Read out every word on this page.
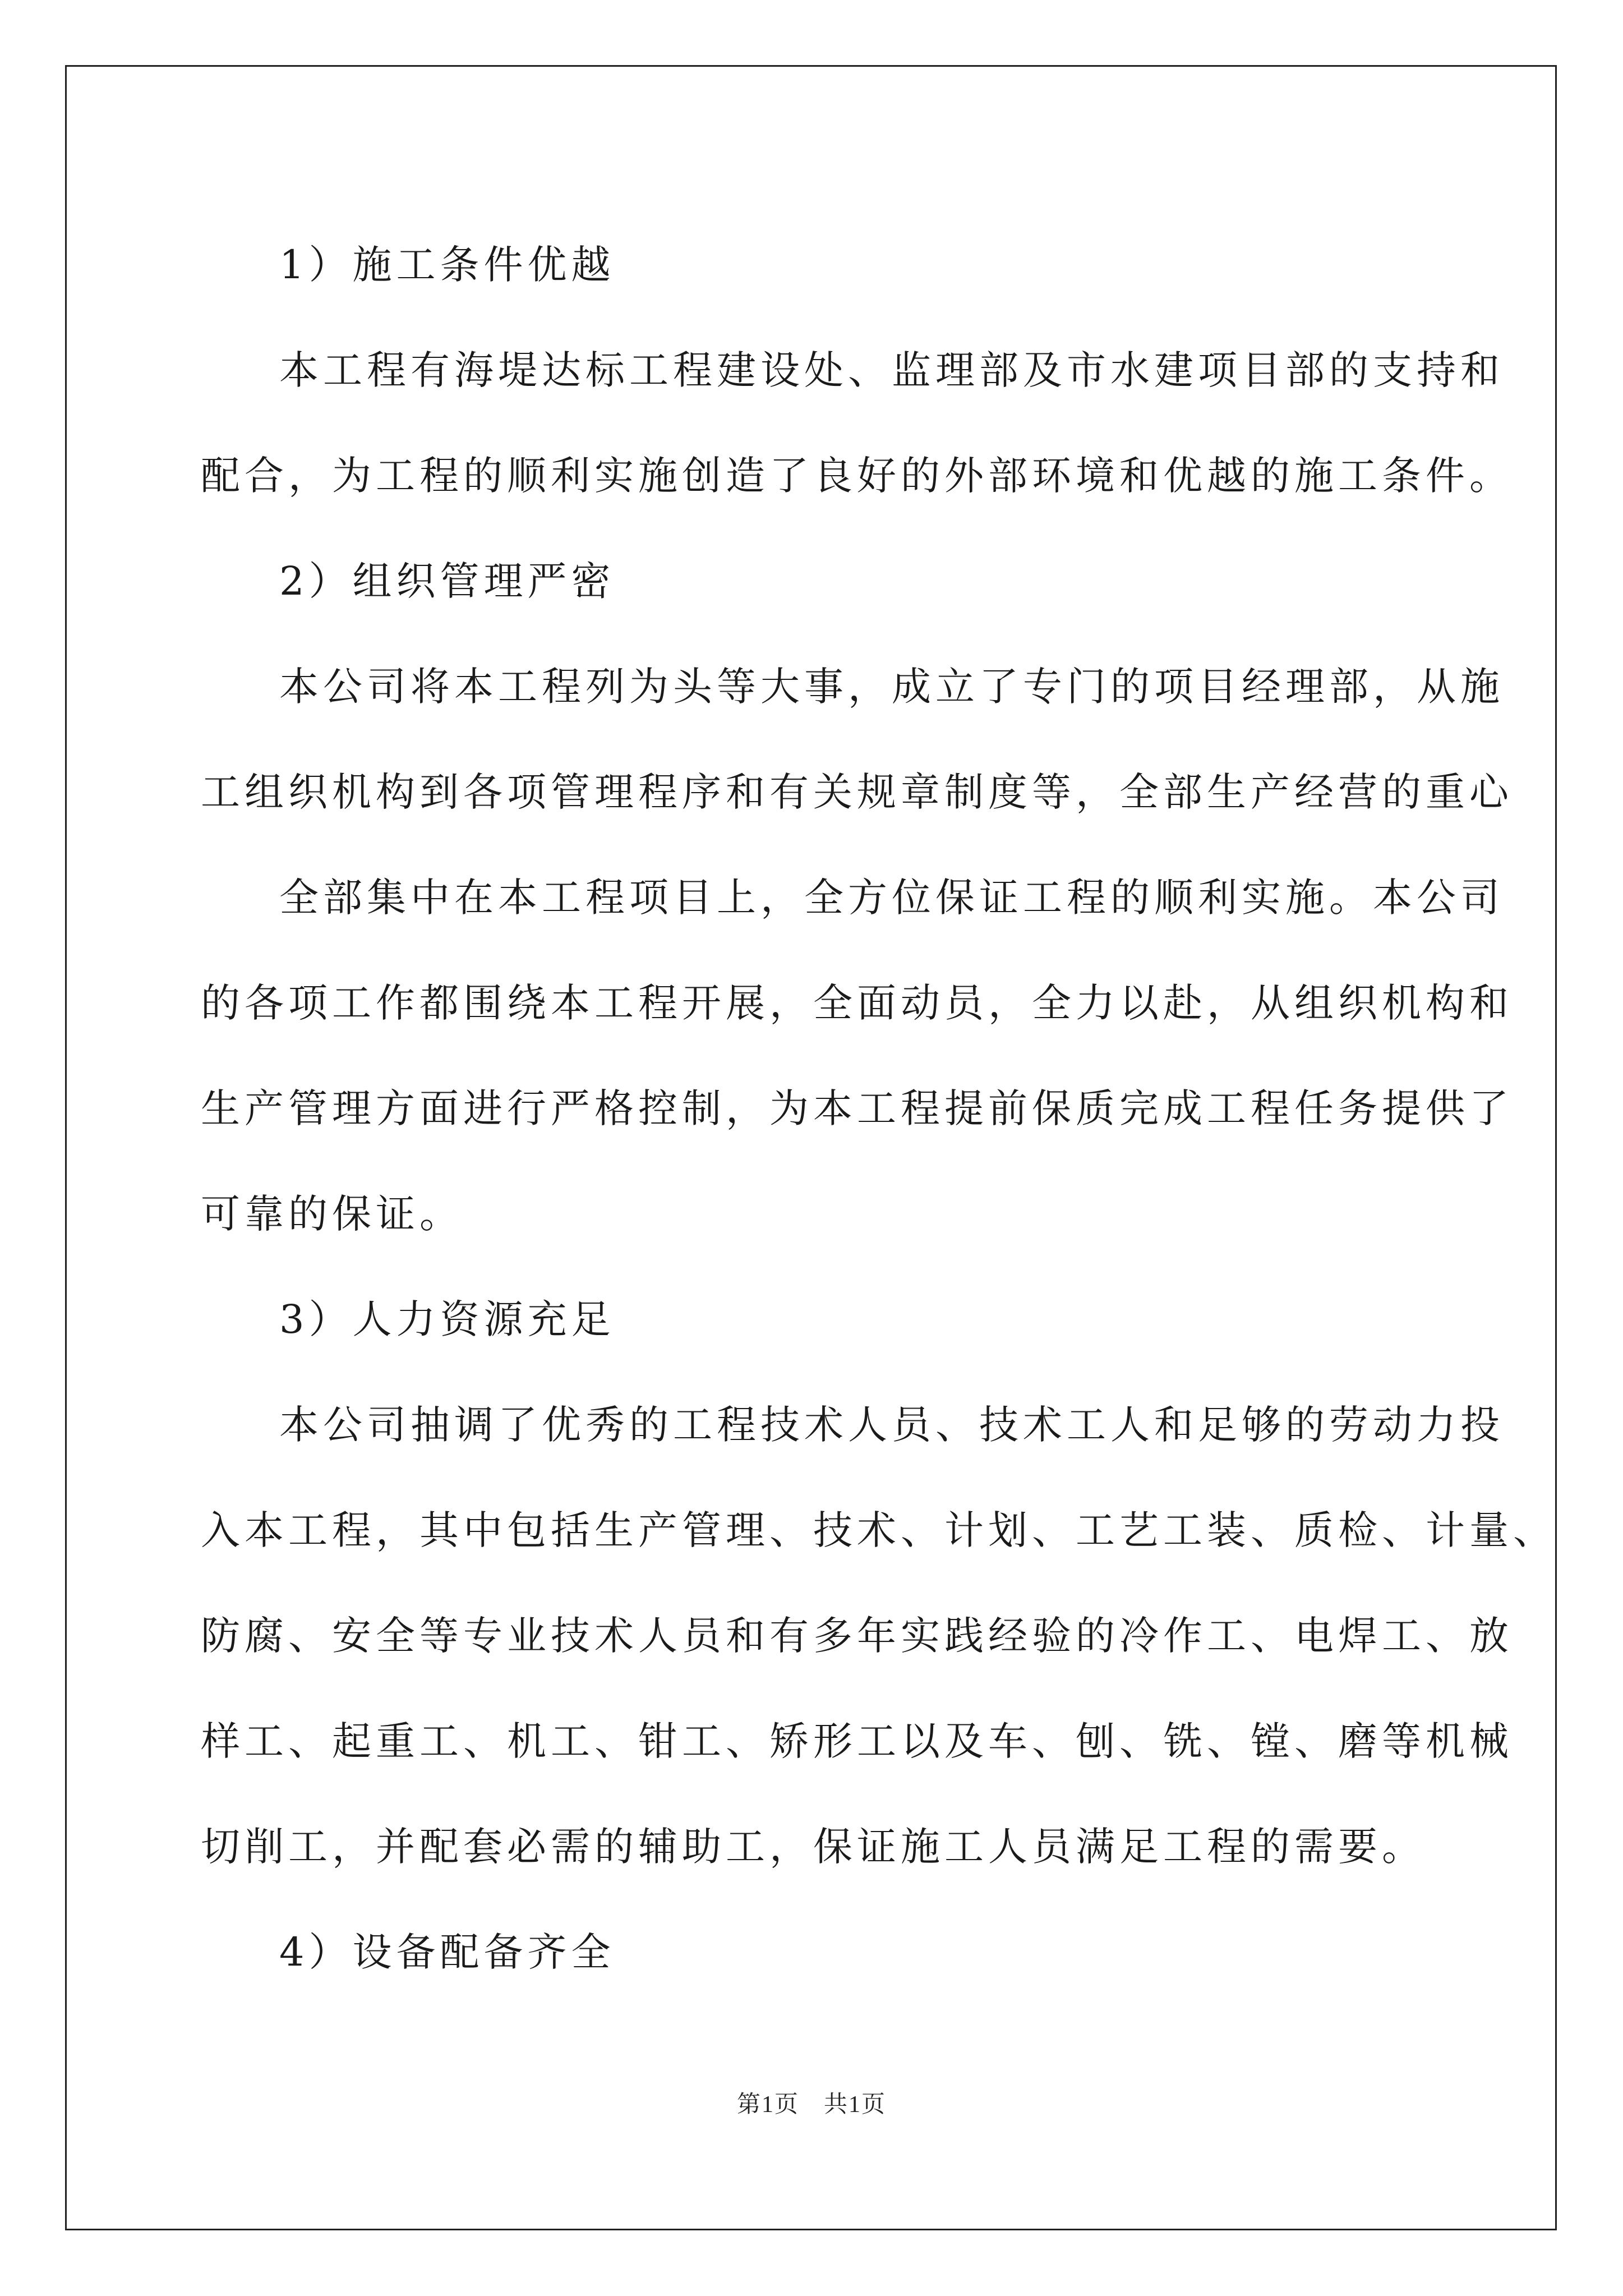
1）施工条件优越

本工程有海堤达标工程建设处、监理部及市水建项目部的支持和

配合，为工程的顺利实施创造了良好的外部环境和优越的施工条件。

2）组织管理严密

本公司将本工程列为头等大事，成立了专门的项目经理部，从施

工组织机构到各项管理程序和有关规章制度等，全部生产经营的重心

全部集中在本工程项目上，全方位保证工程的顺利实施。本公司

的各项工作都围绕本工程开展，全面动员，全力以赴，从组织机构和

生产管理方面进行严格控制，为本工程提前保质完成工程任务提供了

可靠的保证。

3）人力资源充足

本公司抽调了优秀的工程技术人员、技术工人和足够的劳动力投

入本工程，其中包括生产管理、技术、计划、工艺工装、质检、计量、

防腐、安全等专业技术人员和有多年实践经验的冷作工、电焊工、放

样工、起重工、机工、钳工、矫形工以及车、刨、铣、镗、磨等机械

切削工，并配套必需的辅助工，保证施工人员满足工程的需要。

4）设备配备齐全

第1页　共1页
